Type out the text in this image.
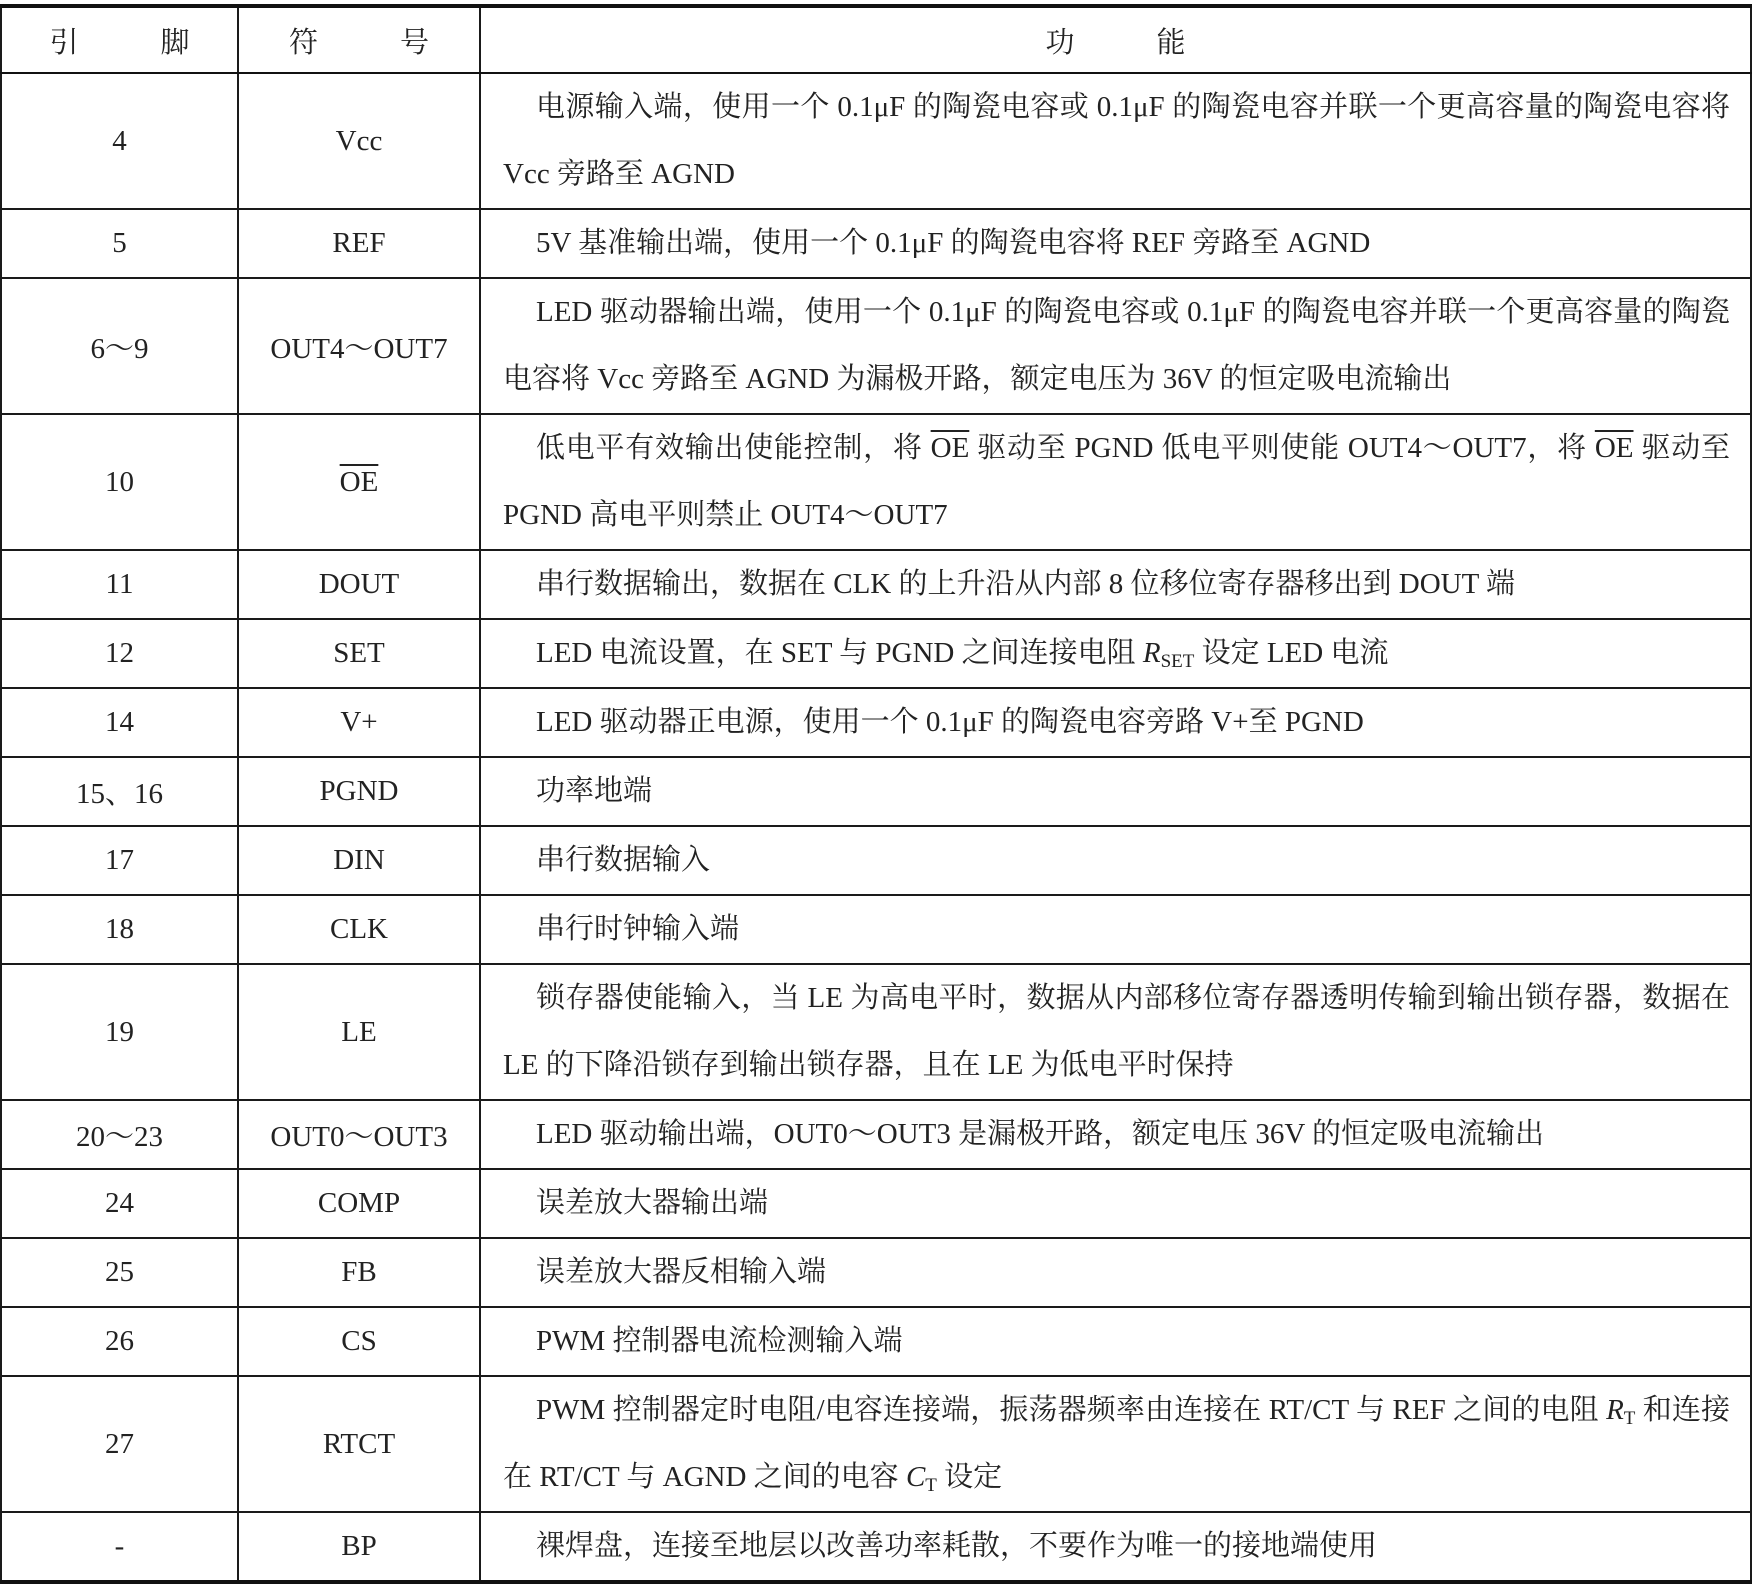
引 脚	符 号	功 能
4	Vcc	电源输入端，使用一个 0.1μF 的陶瓷电容或 0.1μF 的陶瓷电容并联一个更高容量的陶瓷电容将 Vcc 旁路至 AGND

5	REF	5V 基准输出端，使用一个 0.1μF 的陶瓷电容将 REF 旁路至 AGND

6～9	OUT4～OUT7	LED 驱动器输出端，使用一个 0.1μF 的陶瓷电容或 0.1μF 的陶瓷电容并联一个更高容量的陶瓷电容将 Vcc 旁路至 AGND 为漏极开路，额定电压为 36V 的恒定吸电流输出

10	$\overline{OE}$	低电平有效输出使能控制，将 $\overline{OE}$ 驱动至 PGND 低电平则使能 OUT4～OUT7，将 $\overline{OE}$ 驱动至 PGND 高电平则禁止 OUT4～OUT7

11	DOUT	串行数据输出，数据在 CLK 的上升沿从内部 8 位移位寄存器移出到 DOUT 端

12	SET	LED 电流设置，在 SET 与 PGND 之间连接电阻 $R_{SET}$ 设定 LED 电流

14	V+	LED 驱动器正电源，使用一个 0.1μF 的陶瓷电容旁路 V+至 PGND

15、16	PGND	功率地端

17	DIN	串行数据输入

18	CLK	串行时钟输入端

19	LE	锁存器使能输入，当 LE 为高电平时，数据从内部移位寄存器透明传输到输出锁存器，数据在 LE 的下降沿锁存到输出锁存器，且在 LE 为低电平时保持

20～23	OUT0～OUT3	LED 驱动输出端，OUT0～OUT3 是漏极开路，额定电压 36V 的恒定吸电流输出

24	COMP	误差放大器输出端

25	FB	误差放大器反相输入端

26	CS	PWM 控制器电流检测输入端

27	RTCT	PWM 控制器定时电阻/电容连接端，振荡器频率由连接在 RT/CT 与 REF 之间的电阻 $R_T$ 和连接在 RT/CT 与 AGND 之间的电容 $C_T$ 设定

-	BP	裸焊盘，连接至地层以改善功率耗散，不要作为唯一的接地端使用
